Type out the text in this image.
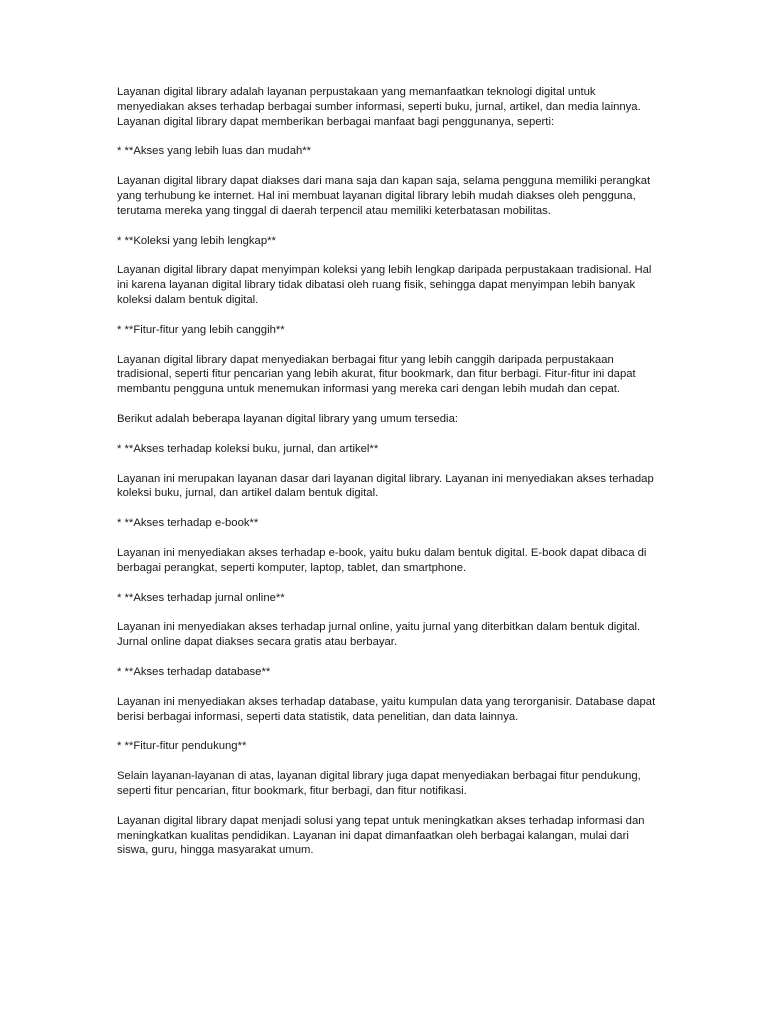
Layanan digital library adalah layanan perpustakaan yang memanfaatkan teknologi digital untuk menyediakan akses terhadap berbagai sumber informasi, seperti buku, jurnal, artikel, dan media lainnya. Layanan digital library dapat memberikan berbagai manfaat bagi penggunanya, seperti:

* **Akses yang lebih luas dan mudah**

Layanan digital library dapat diakses dari mana saja dan kapan saja, selama pengguna memiliki perangkat yang terhubung ke internet. Hal ini membuat layanan digital library lebih mudah diakses oleh pengguna, terutama mereka yang tinggal di daerah terpencil atau memiliki keterbatasan mobilitas.

* **Koleksi yang lebih lengkap**

Layanan digital library dapat menyimpan koleksi yang lebih lengkap daripada perpustakaan tradisional. Hal ini karena layanan digital library tidak dibatasi oleh ruang fisik, sehingga dapat menyimpan lebih banyak koleksi dalam bentuk digital.

* **Fitur-fitur yang lebih canggih**

Layanan digital library dapat menyediakan berbagai fitur yang lebih canggih daripada perpustakaan tradisional, seperti fitur pencarian yang lebih akurat, fitur bookmark, dan fitur berbagi. Fitur-fitur ini dapat membantu pengguna untuk menemukan informasi yang mereka cari dengan lebih mudah dan cepat.

Berikut adalah beberapa layanan digital library yang umum tersedia:

* **Akses terhadap koleksi buku, jurnal, dan artikel**

Layanan ini merupakan layanan dasar dari layanan digital library. Layanan ini menyediakan akses terhadap koleksi buku, jurnal, dan artikel dalam bentuk digital.

* **Akses terhadap e-book**

Layanan ini menyediakan akses terhadap e-book, yaitu buku dalam bentuk digital. E-book dapat dibaca di berbagai perangkat, seperti komputer, laptop, tablet, dan smartphone.

* **Akses terhadap jurnal online**

Layanan ini menyediakan akses terhadap jurnal online, yaitu jurnal yang diterbitkan dalam bentuk digital. Jurnal online dapat diakses secara gratis atau berbayar.

* **Akses terhadap database**

Layanan ini menyediakan akses terhadap database, yaitu kumpulan data yang terorganisir. Database dapat berisi berbagai informasi, seperti data statistik, data penelitian, dan data lainnya.

* **Fitur-fitur pendukung**

Selain layanan-layanan di atas, layanan digital library juga dapat menyediakan berbagai fitur pendukung, seperti fitur pencarian, fitur bookmark, fitur berbagi, dan fitur notifikasi.

Layanan digital library dapat menjadi solusi yang tepat untuk meningkatkan akses terhadap informasi dan meningkatkan kualitas pendidikan. Layanan ini dapat dimanfaatkan oleh berbagai kalangan, mulai dari siswa, guru, hingga masyarakat umum.
